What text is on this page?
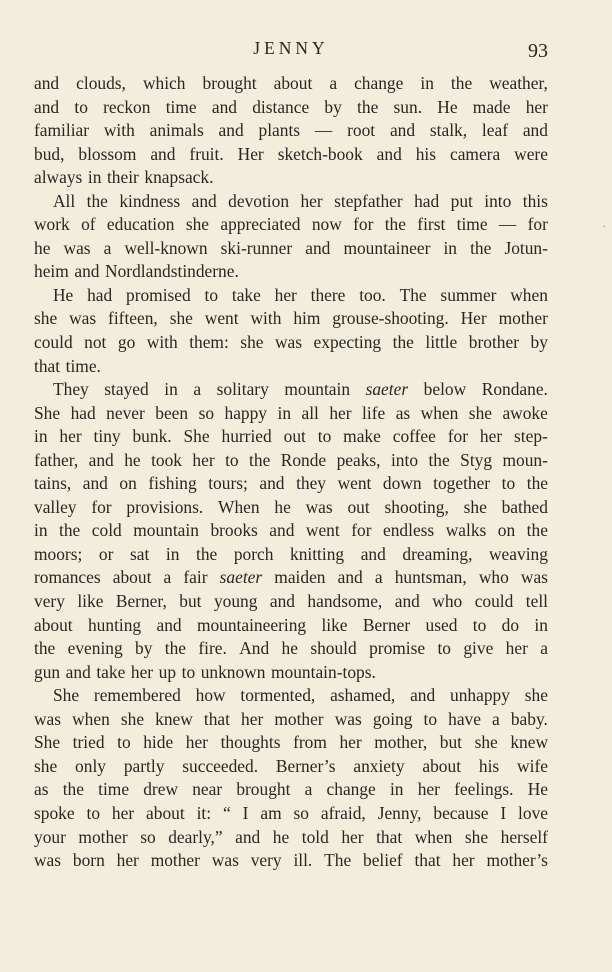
JENNY	93
and clouds, which brought about a change in the weather,
and to reckon time and distance by the sun. He made her
familiar with animals and plants — root and stalk, leaf and
bud, blossom and fruit. Her sketch-book and his camera were
always in their knapsack.
All the kindness and devotion her stepfather had put into this
work of education she appreciated now for the first time — for
he was a well-known ski-runner and mountaineer in the Jotun-
heim and Nordlandstinderne.
He had promised to take her there too. The summer when
she was fifteen, she went with him grouse-shooting. Her mother
could not go with them: she was expecting the little brother by
that time.
They stayed in a solitary mountain saeter below Rondane.
She had never been so happy in all her life as when she awoke
in her tiny bunk. She hurried out to make coffee for her step-
father, and he took her to the Ronde peaks, into the Styg moun-
tains, and on fishing tours; and they went down together to the
valley for provisions. When he was out shooting, she bathed
in the cold mountain brooks and went for endless walks on the
moors; or sat in the porch knitting and dreaming, weaving
romances about a fair saeter maiden and a huntsman, who was
very like Berner, but young and handsome, and who could tell
about hunting and mountaineering like Berner used to do in
the evening by the fire. And he should promise to give her a
gun and take her up to unknown mountain-tops.
She remembered how tormented, ashamed, and unhappy she
was when she knew that her mother was going to have a baby.
She tried to hide her thoughts from her mother, but she knew
she only partly succeeded. Berner’s anxiety about his wife
as the time drew near brought a change in her feelings. He
spoke to her about it: “ I am so afraid, Jenny, because I love
your mother so dearly,” and he told her that when she herself
was born her mother was very ill. The belief that her mother’s
·
